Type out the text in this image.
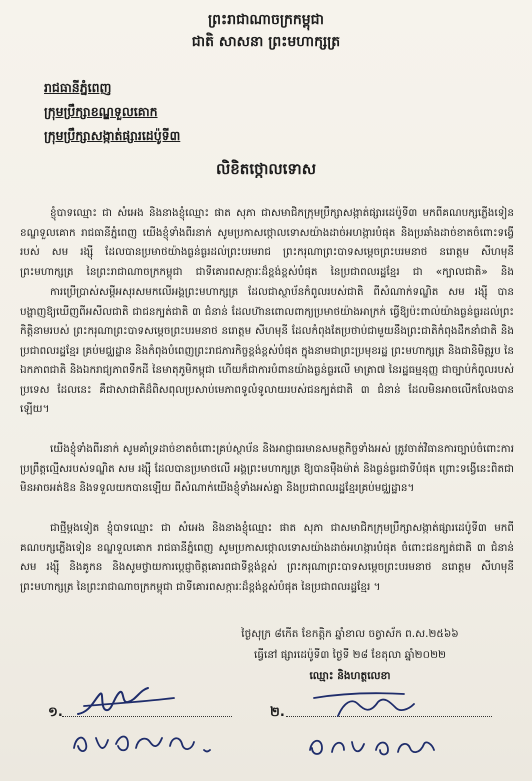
ព្រះរាជាណាចក្រកម្ពុជា
ជាតិ សាសនា ព្រះមហាក្សត្រ
រាជធានីភ្នំពេញ
ក្រុមប្រឹក្សាខណ្ឌទួលគោក
ក្រុមប្រឹក្សាសង្កាត់ផ្សារដេប៉ូទី៣
លិខិតថ្កោលទោស
ខ្ញុំបាទឈ្មោះ ជា សំអេង និងនាងខ្ញុំឈ្មោះ ផាត សុភា ជាសមាជិកក្រុមប្រឹក្សាសង្កាត់ផ្សារដេប៉ូទី៣ មកពីគណបក្សភ្លើងទៀន ខណ្ឌទួលគោក រាជធានីភ្នំពេញ យើងខ្ញុំទាំងពីរនាក់ សូមប្រកាសថ្កោលទោសយ៉ាងដាច់អហង្ការបំផុត និងប្រឆាំងដាច់ខាតចំពោះទង្វើរបស់ សម រង្ស៊ី ដែលបានប្រមាថយ៉ាងធ្ងន់ធ្ងរដល់ព្រះបរមរាជ ព្រះករុណាព្រះបាទសម្តេចព្រះបរមនាថ នរោត្តម សីហមុនី ព្រះមហាក្សត្រ នៃព្រះរាជាណាចក្រកម្ពុជា ជាទីគោរពសក្ការៈដ៏ខ្ពង់ខ្ពស់បំផុត នៃប្រជាពលរដ្ឋខ្មែរ ជា «ក្បាលជាតិ» និង
ការប្រើប្រាស់សម្តីអសុរសមកលើអង្គព្រះមហាក្សត្រ ដែលជាស្ថាប័នកំពូលរបស់ជាតិ ពីសំណាក់ទណ្ឌិត សម រង្ស៊ី បានបង្ហាញឱ្យឃើញពីអសីលជាតិ ជាជនក្បត់ជាតិ ៣ ជំនាន់ ដែលហ៊ានពោលពាក្យប្រមាថយ៉ាងអាក្រក់ ធ្វើឱ្យប៉ះពាល់យ៉ាងធ្ងន់ធ្ងរដល់ព្រះកិត្តិនាមរបស់ ព្រះករុណាព្រះបាទសម្តេចព្រះបរមនាថ នរោត្តម សីហមុនី ដែលកំពុងតែប្រថាប់ជាមួយនឹងព្រះជាតិកំពុងដឹកនាំជាតិ និងប្រជាពលរដ្ឋខ្មែរ គ្រប់មជ្ឈដ្ឋាន និងកំពុងបំពេញព្រះរាជភារកិច្ចខ្ពង់ខ្ពស់បំផុត ក្នុងនាមជាព្រះប្រមុខរដ្ឋ ព្រះមហាក្សត្រ និងជានិមិត្តរូប នៃឯកភាពជាតិ និងឯករាជ្យភាពទឹកដី នៃមាតុភូមិកម្ពុជា ហើយក៏ជាការបំពានយ៉ាងធ្ងន់ធ្ងរលើ មាត្រា៧ នៃរដ្ឋធម្មនុញ្ញ ជាច្បាប់កំពូលរបស់ប្រទេស ដែលនេះ គឺជាសាជាតិដ៏ពិសពុលប្រសាប់មេភាពទូលំទូលាយរបស់ជនក្បត់ជាតិ ៣ ជំនាន់ ដែលមិនអាចលើកលែងបានឡើយ។
យើងខ្ញុំទាំងពីរនាក់ សូមគាំទ្រដាច់ខាតចំពោះគ្រប់ស្ថាប័ន និងអាជ្ញាធរមានសមត្ថកិច្ចទាំងអស់ ត្រូវចាត់វិធានការច្បាប់ចំពោះការប្រព្រឹត្តល្មើសរបស់ទណ្ឌិត សម រង្ស៊ី ដែលបានប្រមាថលើ អង្គព្រះមហាក្សត្រ ឱ្យបានម៉ឺងម៉ាត់ និងធ្ងន់ធ្ងរជាទីបំផុត ព្រោះទង្វើនេះពិតជាមិនអាចអត់ឱន និងទទួលយកបានឡើយ ពីសំណាក់យើងខ្ញុំទាំងអស់គ្នា និងប្រជាពលរដ្ឋខ្មែរគ្រប់មជ្ឈដ្ឋាន។
ជាថ្មីម្តងទៀត ខ្ញុំបាទឈ្មោះ ជា សំអេង និងនាងខ្ញុំឈ្មោះ ផាត សុភា ជាសមាជិកក្រុមប្រឹក្សាសង្កាត់ផ្សារដេប៉ូទី៣ មកពីគណបក្សភ្លើងទៀន ខណ្ឌទួលគោក រាជធានីភ្នំពេញ សូមប្រកាសថ្កោលទោសយ៉ាងដាច់អហង្ការបំផុត ចំពោះជនក្បត់ជាតិ ៣ ជំនាន់ សម រង្ស៊ី និងគូកន និងសូមថ្វាយការប្តេជ្ញាចិត្តគោរពជាទីខ្ពង់ខ្ពស់ ព្រះករុណាព្រះបាទសម្តេចព្រះបរមនាថ នរោត្តម សីហមុនី ព្រះមហាក្សត្រ នៃព្រះរាជាណាចក្រកម្ពុជា ជាទីគោរពសក្ការៈដ៏ខ្ពង់ខ្ពស់បំផុត នៃប្រជាពលរដ្ឋខ្មែរ ។
ថ្ងៃសុក្រ ៨កើត ខែកត្តិក ឆ្នាំខាល ចត្វាស័ក ព.ស.២៥៦៦
ធ្វើនៅ ផ្សារដេប៉ូទី៣ ថ្ងៃទី ២៨ ខែតុលា ឆ្នាំ២០២២
ឈ្មោះ និងហត្ថលេខា
១.	២.
